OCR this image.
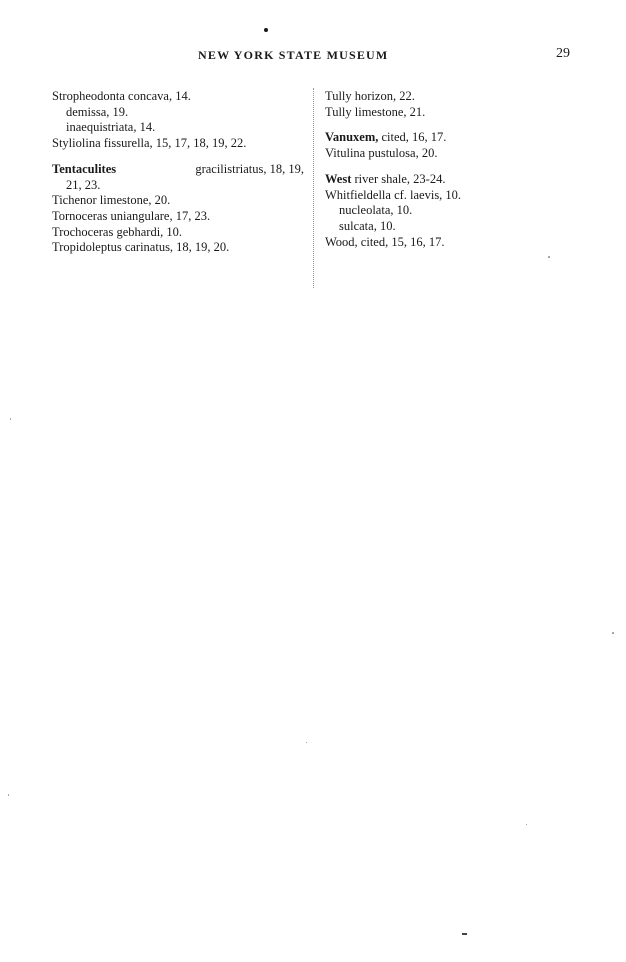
NEW YORK STATE MUSEUM	29
Stropheodonta concava, 14.
demissa, 19.
inaequistriata, 14.
Styliolina fissurella, 15, 17, 18, 19, 22.
Tentaculites	gracilistriatus, 18, 19,
21, 23.
Tichenor limestone, 20.
Tornoceras uniangulare, 17, 23.
Trochoceras gebhardi, 10.
Tropidoleptus carinatus, 18, 19, 20.
Tully horizon, 22.
Tully limestone, 21.
Vanuxem, cited, 16, 17.
Vitulina pustulosa, 20.
West river shale, 23-24.
Whitfieldella cf. laevis, 10.
nucleolata, 10.
sulcata, 10.
Wood, cited, 15, 16, 17.
